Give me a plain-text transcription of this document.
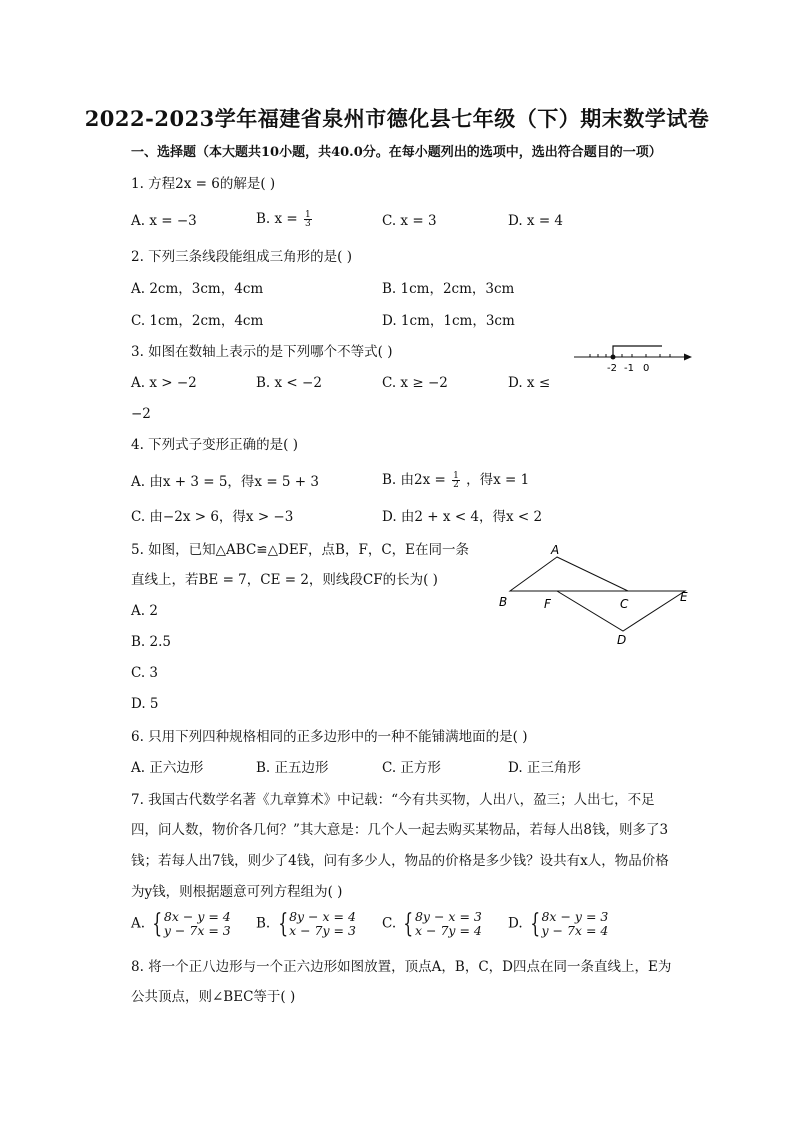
2022-2023学年福建省泉州市德化县七年级（下）期末数学试卷
一、选择题（本大题共10小题，共40.0分。在每小题列出的选项中，选出符合题目的一项）
1. 方程2x = 6的解是( )
A. x = −3	B. $x = \frac{1}{3}$	C. x = 3	D. x = 4
2. 下列三条线段能组成三角形的是( )
A. 2cm，3cm，4cm	B. 1cm，2cm，3cm
C. 1cm，2cm，4cm	D. 1cm，1cm，3cm
3. 如图在数轴上表示的是下列哪个不等式( )
-2 -1 0
A. x > −2	B. x < −2	C. x ≥ −2	D. x ≤
−2
4. 下列式子变形正确的是( )
A. 由x + 3 = 5，得x = 5 + 3	B. 由$2x = \frac{1}{2}$ ，得x = 1
C. 由−2x > 6，得x > −3	D. 由2 + x < 4，得x < 2
5. 如图，已知△ABC≌△DEF，点B，F，C，E在同一条
直线上，若BE = 7，CE = 2，则线段CF的长为( )
A. 2
B. 2.5
C. 3
D. 5
A
B	F	C	E
D
6. 只用下列四种规格相同的正多边形中的一种不能铺满地面的是( )
A. 正六边形	B. 正五边形	C. 正方形	D. 正三角形
7. 我国古代数学名著《九章算术》中记载：“今有共买物，人出八，盈三；人出七，不足
四，问人数，物价各几何？”其大意是：几个人一起去购买某物品，若每人出8钱，则多了3
钱；若每人出7钱，则少了4钱，问有多少人，物品的价格是多少钱？设共有x人，物品价格
为y钱，则根据题意可列方程组为( )
A. { 8x − y = 4
y − 7x = 3 B. { 8y − x = 4
x − 7y = 3 C. { 8y − x = 3
x − 7y = 4 D. { 8x − y = 3
y − 7x = 4
8. 将一个正八边形与一个正六边形如图放置，顶点A，B，C，D四点在同一条直线上，E为
公共顶点，则∠BEC等于( )
